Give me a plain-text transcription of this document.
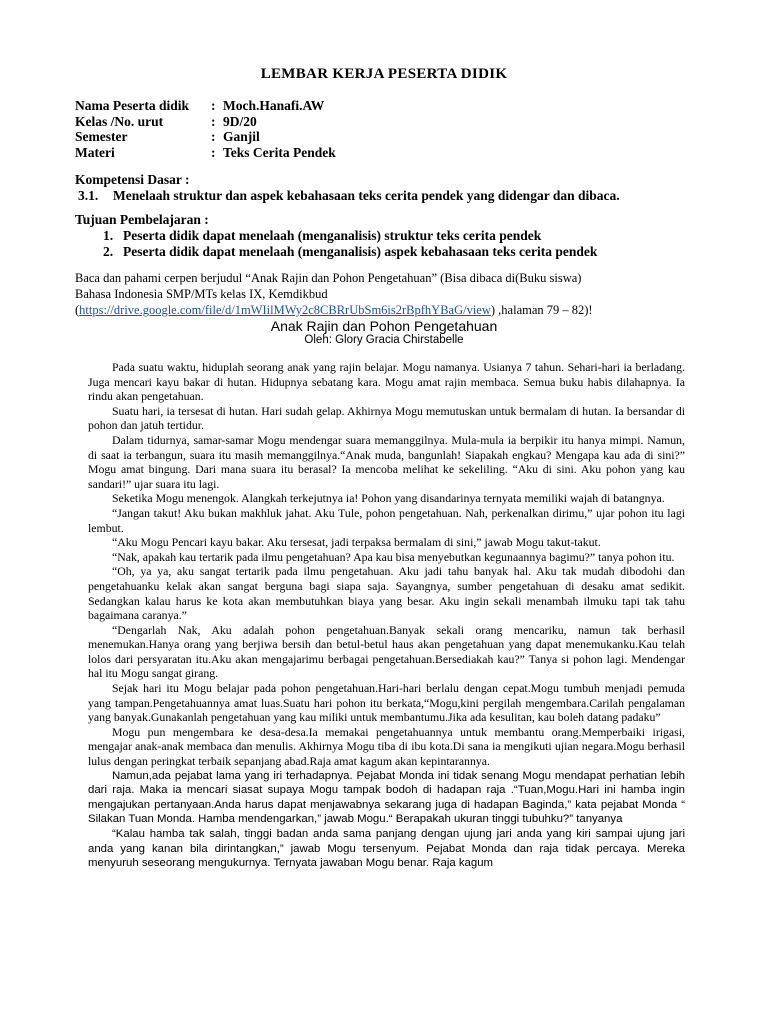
LEMBAR KERJA PESERTA DIDIK
Nama Peserta didik : Moch.Hanafi.AW
Kelas /No. urut	: 9D/20
Semester	: Ganjil
Materi	: Teks Cerita Pendek
Kompetensi Dasar :
3.1. Menelaah struktur dan aspek kebahasaan teks cerita pendek yang didengar dan dibaca.
Tujuan Pembelajaran :
1. Peserta didik dapat menelaah (menganalisis) struktur teks cerita pendek
2. Peserta didik dapat menelaah (menganalisis) aspek kebahasaan teks cerita pendek
Baca dan pahami cerpen berjudul “Anak Rajin dan Pohon Pengetahuan” (Bisa dibaca di(Buku siswa)
Bahasa Indonesia SMP/MTs kelas IX, Kemdikbud
(https://drive.google.com/file/d/1mWIilMWy2c8CBRrUbSm6is2rBpfhYBaG/view) ,halaman 79 – 82)!
Anak Rajin dan Pohon Pengetahuan
Oleh: Glory Gracia Chirstabelle

Pada suatu waktu, hiduplah seorang anak yang rajin belajar. Mogu namanya. Usianya 7 tahun. Sehari-hari ia berladang. Juga mencari kayu bakar di hutan. Hidupnya sebatang kara. Mogu amat rajin membaca. Semua buku habis dilahapnya. Ia rindu akan pengetahuan.

Suatu hari, ia tersesat di hutan. Hari sudah gelap. Akhirnya Mogu memutuskan untuk bermalam di hutan. Ia bersandar di pohon dan jatuh tertidur.

Dalam tidurnya, samar-samar Mogu mendengar suara memanggilnya. Mula-mula ia berpikir itu hanya mimpi. Namun, di saat ia terbangun, suara itu masih memanggilnya.“Anak muda, bangunlah! Siapakah engkau? Mengapa kau ada di sini?” Mogu amat bingung. Dari mana suara itu berasal? Ia mencoba melihat ke sekeliling. “Aku di sini. Aku pohon yang kau sandari!” ujar suara itu lagi.

Seketika Mogu menengok. Alangkah terkejutnya ia! Pohon yang disandarinya ternyata memiliki wajah di batangnya.

“Jangan takut! Aku bukan makhluk jahat. Aku Tule, pohon pengetahuan. Nah, perkenalkan dirimu,” ujar pohon itu lagi lembut.

“Aku Mogu Pencari kayu bakar. Aku tersesat, jadi terpaksa bermalam di sini,” jawab Mogu takut-takut.

“Nak, apakah kau tertarik pada ilmu pengetahuan? Apa kau bisa menyebutkan kegunaannya bagimu?” tanya pohon itu.

“Oh, ya ya, aku sangat tertarik pada ilmu pengetahuan. Aku jadi tahu banyak hal. Aku tak mudah dibodohi dan pengetahuanku kelak akan sangat berguna bagi siapa saja. Sayangnya, sumber pengetahuan di desaku amat sedikit. Sedangkan kalau harus ke kota akan membutuhkan biaya yang besar. Aku ingin sekali menambah ilmuku tapi tak tahu bagaimana caranya.”

“Dengarlah Nak, Aku adalah pohon pengetahuan.Banyak sekali orang mencariku, namun tak berhasil menemukan.Hanya orang yang berjiwa bersih dan betul-betul haus akan pengetahuan yang dapat menemukanku.Kau telah lolos dari persyaratan itu.Aku akan mengajarimu berbagai pengetahuan.Bersediakah kau?” Tanya si pohon lagi. Mendengar hal itu Mogu sangat girang.

Sejak hari itu Mogu belajar pada pohon pengetahuan.Hari-hari berlalu dengan cepat.Mogu tumbuh menjadi pemuda yang tampan.Pengetahuannya amat luas.Suatu hari pohon itu berkata,“Mogu,kini pergilah mengembara.Carilah pengalaman yang banyak.Gunakanlah pengetahuan yang kau miliki untuk membantumu.Jika ada kesulitan, kau boleh datang padaku”

Mogu pun mengembara ke desa-desa.Ia memakai pengetahuannya untuk membantu orang.Memperbaiki irigasi, mengajar anak-anak membaca dan menulis. Akhirnya Mogu tiba di ibu kota.Di sana ia mengikuti ujian negara.Mogu berhasil lulus dengan peringkat terbaik sepanjang abad.Raja amat kagum akan kepintarannya.

Namun,ada pejabat lama yang iri terhadapnya. Pejabat Monda ini tidak senang Mogu mendapat perhatian lebih dari raja. Maka ia mencari siasat supaya Mogu tampak bodoh di hadapan raja .“Tuan,Mogu.Hari ini hamba ingin mengajukan pertanyaan.Anda harus dapat menjawabnya sekarang juga di hadapan Baginda,” kata pejabat Monda “ Silakan Tuan Monda. Hamba mendengarkan,” jawab Mogu.“ Berapakah ukuran tinggi tubuhku?” tanyanya

“Kalau hamba tak salah, tinggi badan anda sama panjang dengan ujung jari anda yang kiri sampai ujung jari anda yang kanan bila dirintangkan,” jawab Mogu tersenyum. Pejabat Monda dan raja tidak percaya. Mereka menyuruh seseorang mengukurnya. Ternyata jawaban Mogu benar. Raja kagum
